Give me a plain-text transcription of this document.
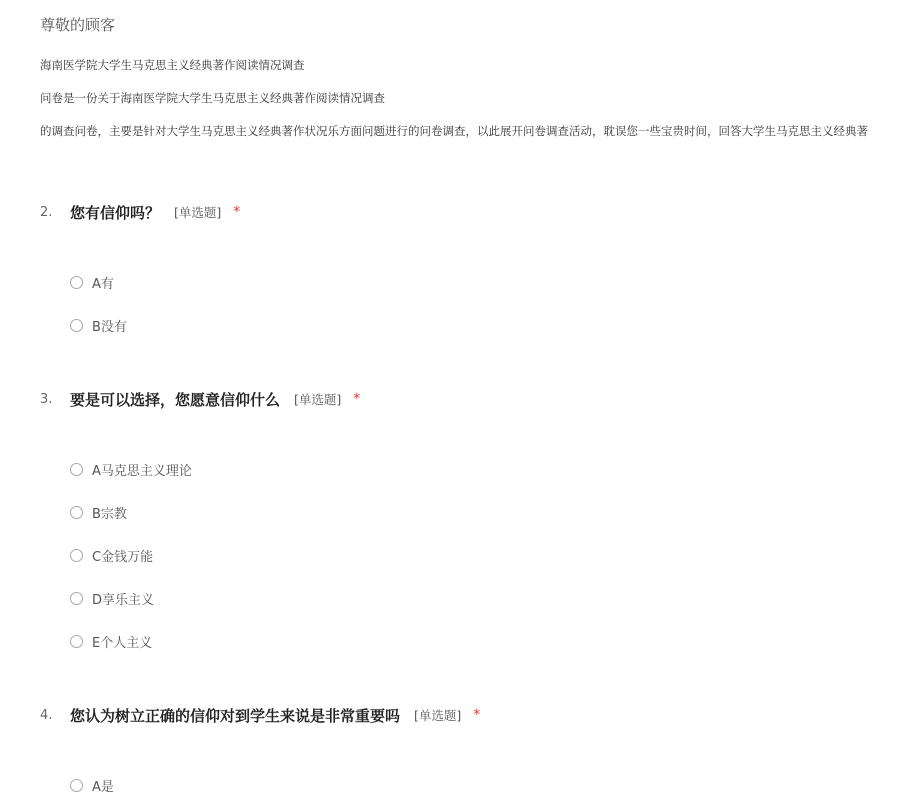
尊敬的顾客
海南医学院大学生马克思主义经典著作阅读情况调查
问卷是一份关于海南医学院大学生马克思主义经典著作阅读情况调查
的调查问卷，主要是针对大学生马克思主义经典著作状况乐方面问题进行的问卷调查，以此展开问卷调查活动，耽误您一些宝贵时间，回答大学生马克思主义经典著
2.	您有信仰吗？ [单选题] *
A有
B没有
3.	要是可以选择，您愿意信仰什么 [单选题] *
A马克思主义理论
B宗教
C金钱万能
D享乐主义
E个人主义
4.	您认为树立正确的信仰对到学生来说是非常重要吗 [单选题] *
A是
